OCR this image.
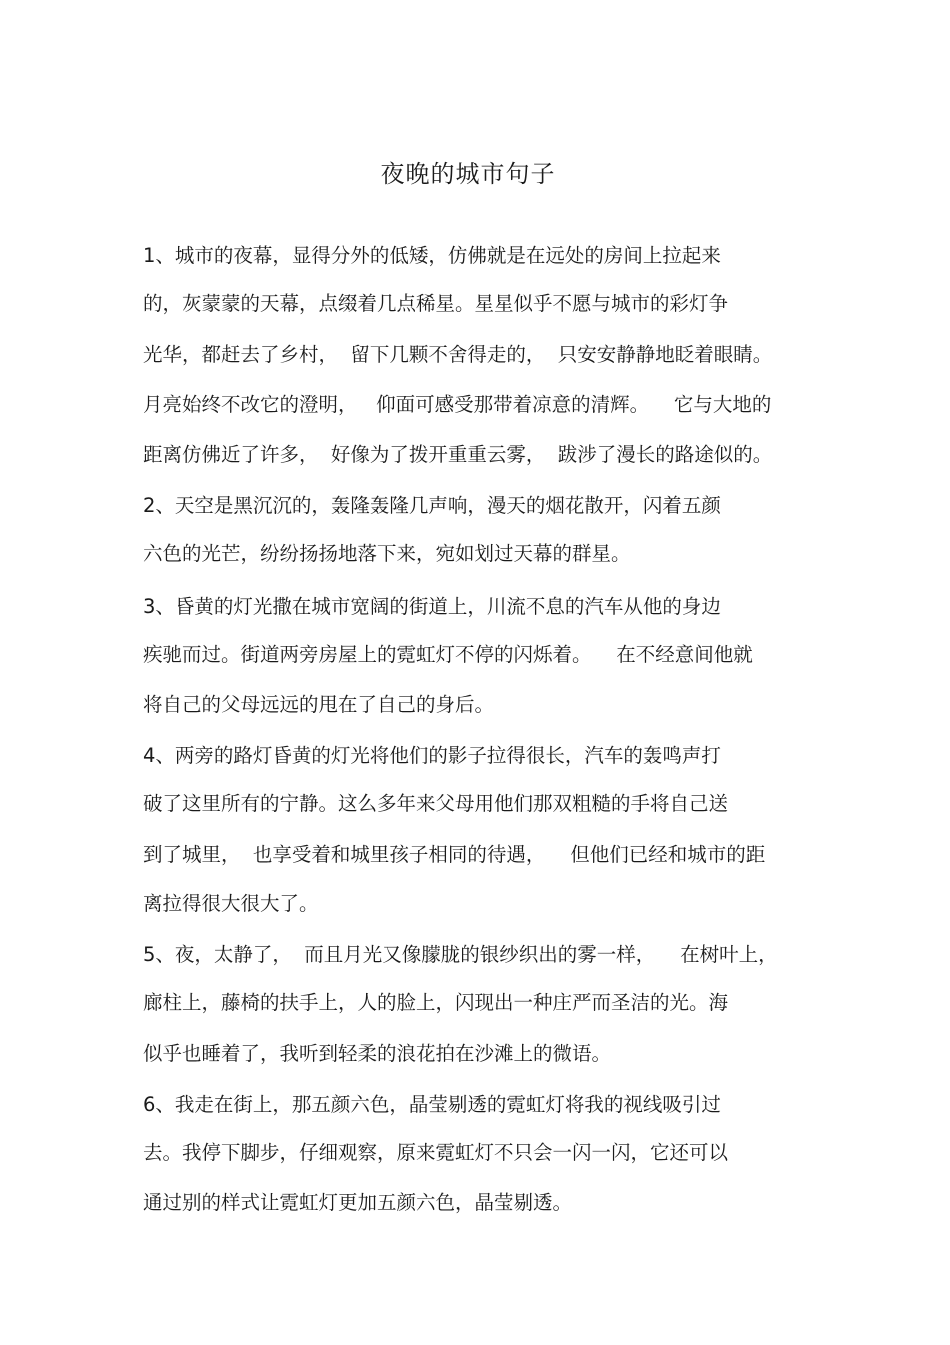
夜晚的城市句子
1、城市的夜幕，显得分外的低矮，仿佛就是在远处的房间上拉起来
的，灰蒙蒙的天幕，点缀着几点稀星。星星似乎不愿与城市的彩灯争
光华，都赶去了乡村，  留下几颗不舍得走的，  只安安静静地眨着眼睛。
月亮始终不改它的澄明，   仰面可感受那带着凉意的清辉。    它与大地的
距离仿佛近了许多，  好像为了拨开重重云雾，  跋涉了漫长的路途似的。
2、天空是黑沉沉的，轰隆轰隆几声响，漫天的烟花散开，闪着五颜
六色的光芒，纷纷扬扬地落下来，宛如划过天幕的群星。
3、昏黄的灯光撒在城市宽阔的街道上，川流不息的汽车从他的身边
疾驰而过。街道两旁房屋上的霓虹灯不停的闪烁着。    在不经意间他就
将自己的父母远远的甩在了自己的身后。
4、两旁的路灯昏黄的灯光将他们的影子拉得很长，汽车的轰鸣声打
破了这里所有的宁静。这么多年来父母用他们那双粗糙的手将自己送
到了城里，  也享受着和城里孩子相同的待遇，    但他们已经和城市的距
离拉得很大很大了。
5、夜，太静了，  而且月光又像朦胧的银纱织出的雾一样，    在树叶上，
廊柱上，藤椅的扶手上，人的脸上，闪现出一种庄严而圣洁的光。海
似乎也睡着了，我听到轻柔的浪花拍在沙滩上的微语。
6、我走在街上，那五颜六色，晶莹剔透的霓虹灯将我的视线吸引过
去。我停下脚步，仔细观察，原来霓虹灯不只会一闪一闪，它还可以
通过别的样式让霓虹灯更加五颜六色，晶莹剔透。
